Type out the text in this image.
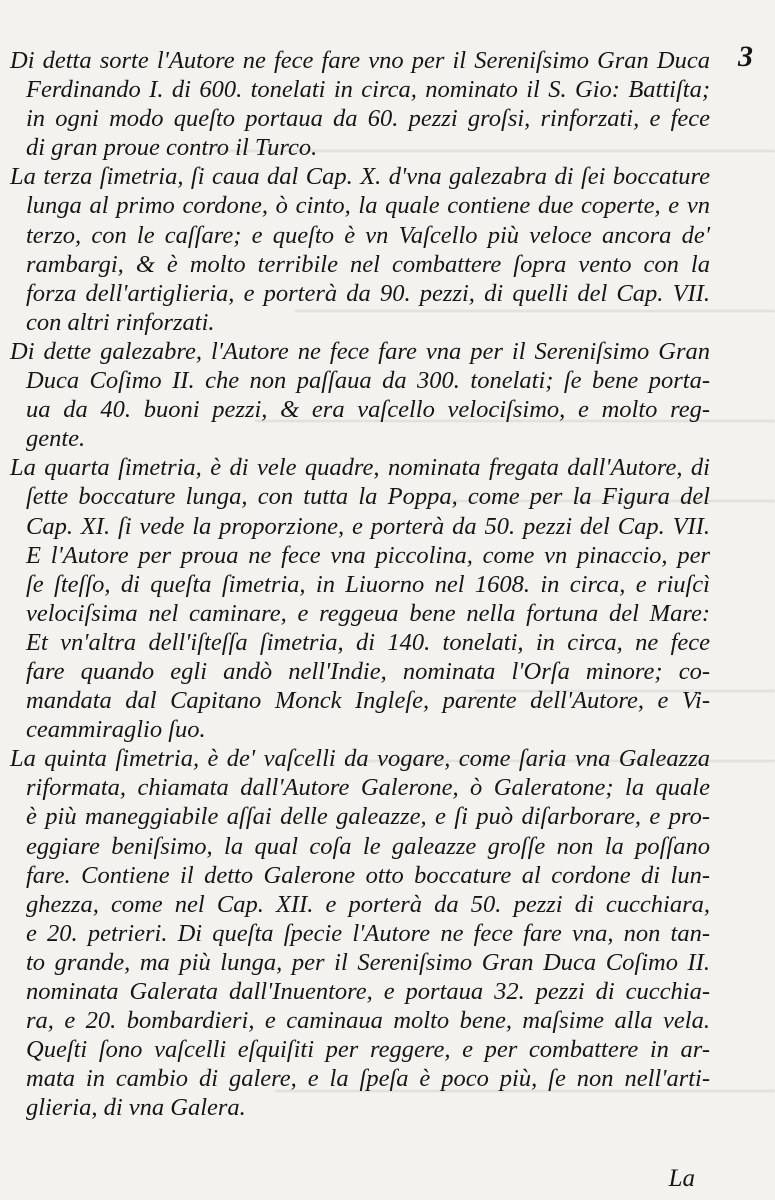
3

Di detta sorte l'Autore ne fece fare vno per il Sereniſsimo Gran Duca
Ferdinando I. di 600. tonelati in circa, nominato il S. Gio: Battiſta;
in ogni modo queſto portaua da 60. pezzi groſsi, rinforzati, e fece
di gran proue contro il Turco.

La terza ſimetria, ſi caua dal Cap. X. d'vna galezabra di ſei boccature
lunga al primo cordone, ò cinto, la quale contiene due coperte, e vn
terzo, con le caſſare; e queſto è vn Vaſcello più veloce ancora de'
rambargi, & è molto terribile nel combattere ſopra vento con la
forza dell'artiglieria, e porterà da 90. pezzi, di quelli del Cap. VII.
con altri rinforzati.

Di dette galezabre, l'Autore ne fece fare vna per il Sereniſsimo Gran
Duca Coſimo II. che non paſſaua da 300. tonelati; ſe bene porta-
ua da 40. buoni pezzi, & era vaſcello velociſsimo, e molto reg-
gente.

La quarta ſimetria, è di vele quadre, nominata fregata dall'Autore, di
ſette boccature lunga, con tutta la Poppa, come per la Figura del
Cap. XI. ſi vede la proporzione, e porterà da 50. pezzi del Cap. VII.
E l'Autore per proua ne fece vna piccolina, come vn pinaccio, per
ſe ſteſſo, di queſta ſimetria, in Liuorno nel 1608. in circa, e riuſcì
velociſsima nel caminare, e reggeua bene nella fortuna del Mare:
Et vn'altra dell'iſteſſa ſimetria, di 140. tonelati, in circa, ne fece
fare quando egli andò nell'Indie, nominata l'Orſa minore; co-
mandata dal Capitano Monck Ingleſe, parente dell'Autore, e Vi-
ceammiraglio ſuo.

La quinta ſimetria, è de' vaſcelli da vogare, come ſaria vna Galeazza
riformata, chiamata dall'Autore Galerone, ò Galeratone; la quale
è più maneggiabile aſſai delle galeazze, e ſi può diſarborare, e pro-
eggiare beniſsimo, la qual coſa le galeazze groſſe non la poſſano
fare. Contiene il detto Galerone otto boccature al cordone di lun-
ghezza, come nel Cap. XII. e porterà da 50. pezzi di cucchiara,
e 20. petrieri. Di queſta ſpecie l'Autore ne fece fare vna, non tan-
to grande, ma più lunga, per il Sereniſsimo Gran Duca Coſimo II.
nominata Galerata dall'Inuentore, e portaua 32. pezzi di cucchia-
ra, e 20. bombardieri, e caminaua molto bene, maſsime alla vela.
Queſti ſono vaſcelli eſquiſiti per reggere, e per combattere in ar-
mata in cambio di galere, e la ſpeſa è poco più, ſe non nell'arti-
glieria, di vna Galera.

La
